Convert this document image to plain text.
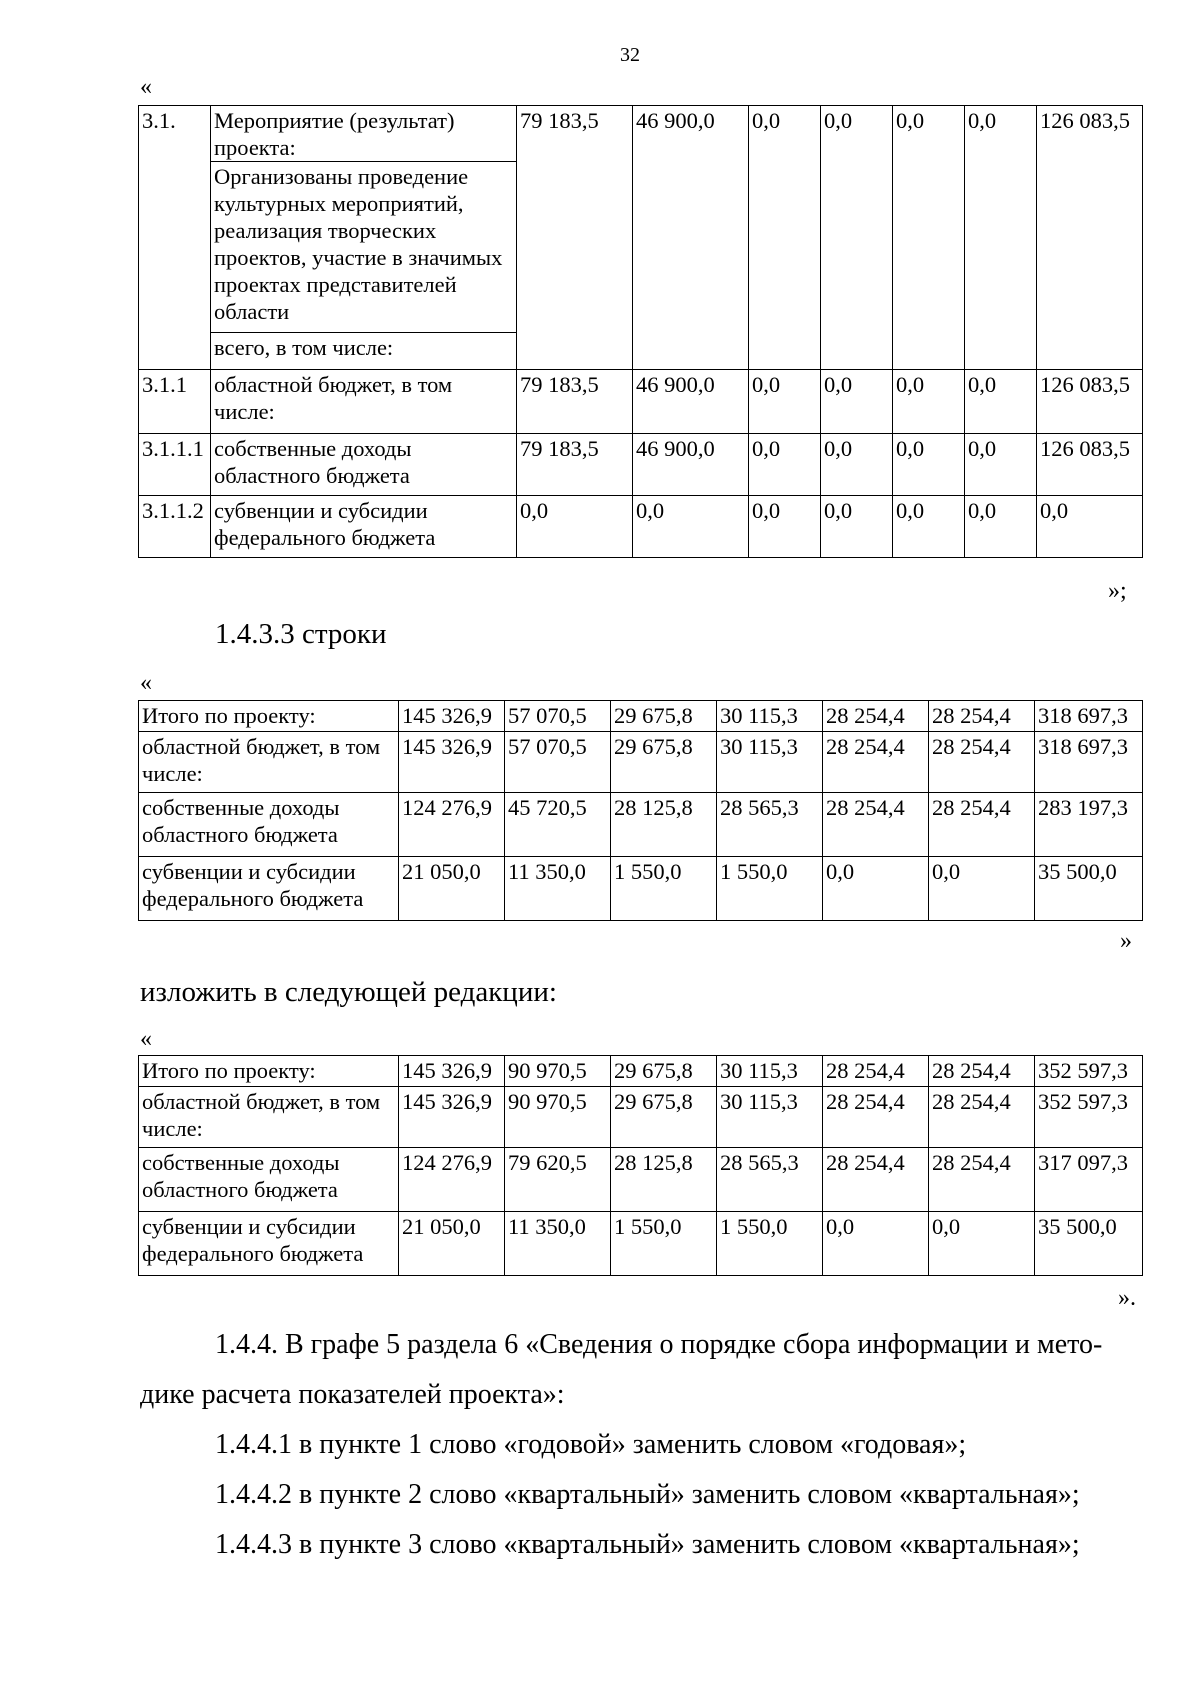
32
«
3.1.	Мероприятие (результат) проекта:	79 183,5	46 900,0	0,0	0,0	0,0	0,0	126 083,5
	Организованы проведение культурных мероприятий, реализация творческих проектов, участие в значимых проектах представителей области							
	всего, в том числе:							
3.1.1	областной бюджет, в том числе:	79 183,5	46 900,0	0,0	0,0	0,0	0,0	126 083,5
3.1.1.1	собственные доходы областного бюджета	79 183,5	46 900,0	0,0	0,0	0,0	0,0	126 083,5
3.1.1.2	субвенции и субсидии федерального бюджета	0,0	0,0	0,0	0,0	0,0	0,0	0,0
»;
1.4.3.3 строки
«
Итого по проекту:	145 326,9	57 070,5	29 675,8	30 115,3	28 254,4	28 254,4	318 697,3
областной бюджет, в том числе:	145 326,9	57 070,5	29 675,8	30 115,3	28 254,4	28 254,4	318 697,3
собственные доходы областного бюджета	124 276,9	45 720,5	28 125,8	28 565,3	28 254,4	28 254,4	283 197,3
субвенции и субсидии федерального бюджета	21 050,0	11 350,0	1 550,0	1 550,0	0,0	0,0	35 500,0
»
изложить в следующей редакции:
«
Итого по проекту:	145 326,9	90 970,5	29 675,8	30 115,3	28 254,4	28 254,4	352 597,3
областной бюджет, в том числе:	145 326,9	90 970,5	29 675,8	30 115,3	28 254,4	28 254,4	352 597,3
собственные доходы областного бюджета	124 276,9	79 620,5	28 125,8	28 565,3	28 254,4	28 254,4	317 097,3
субвенции и субсидии федерального бюджета	21 050,0	11 350,0	1 550,0	1 550,0	0,0	0,0	35 500,0
».
1.4.4. В графе 5 раздела 6 «Сведения о порядке сбора информации и мето-
дике расчета показателей проекта»:
1.4.4.1 в пункте 1 слово «годовой» заменить словом «годовая»;
1.4.4.2 в пункте 2 слово «квартальный» заменить словом «квартальная»;
1.4.4.3 в пункте 3 слово «квартальный» заменить словом «квартальная»;
